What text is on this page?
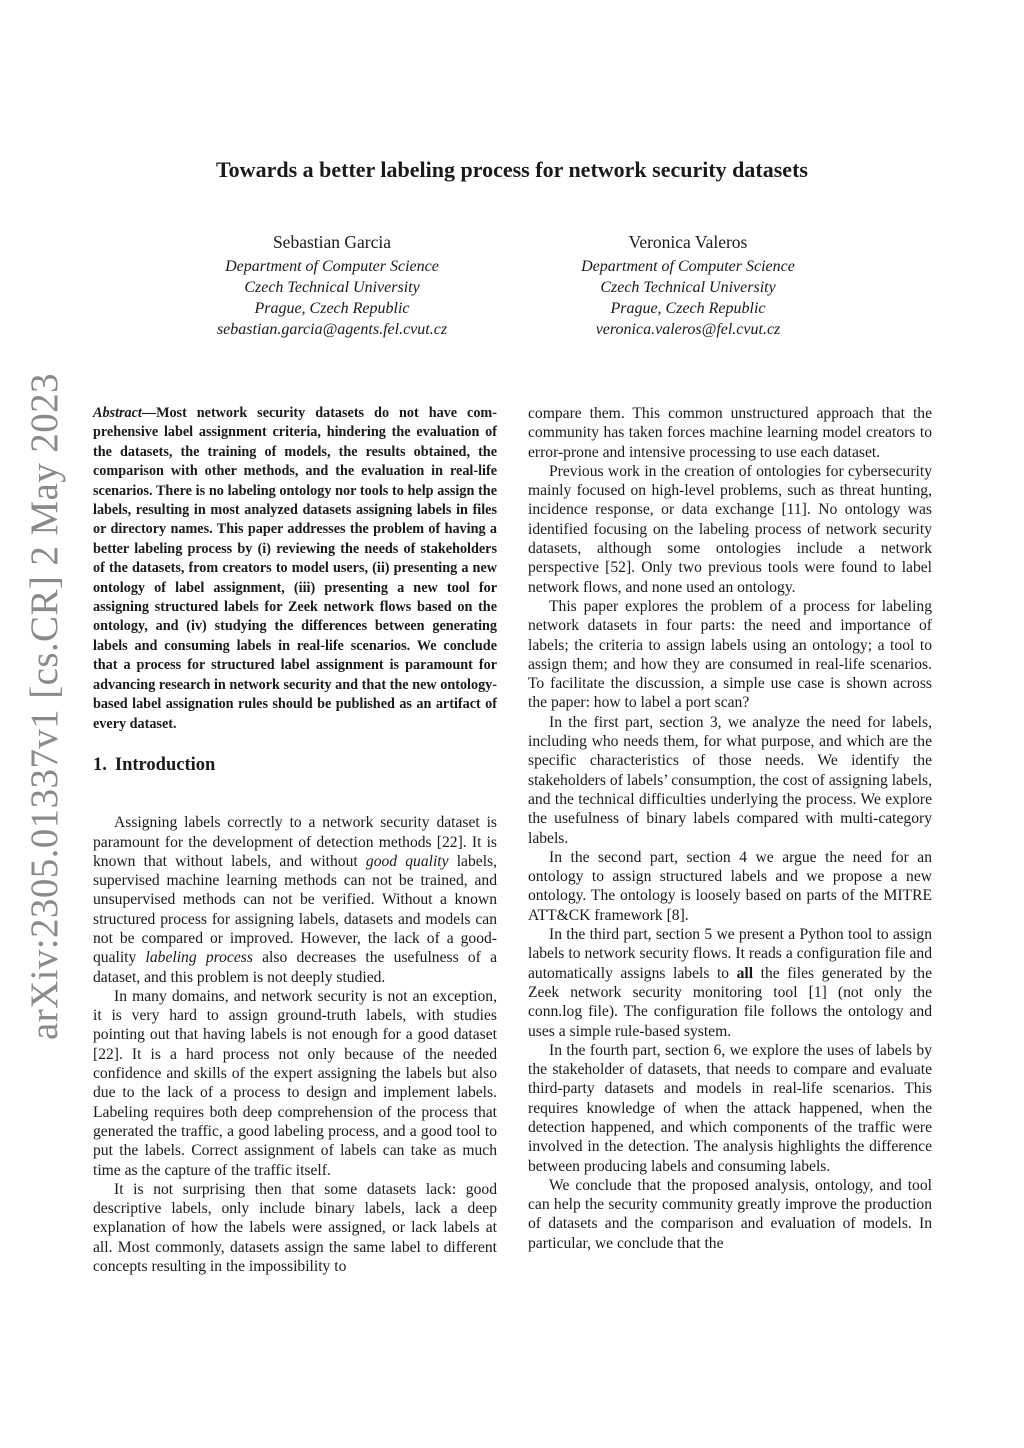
arXiv:2305.01337v1 [cs.CR] 2 May 2023
Towards a better labeling process for network security datasets
Sebastian Garcia
Department of Computer Science
Czech Technical University
Prague, Czech Republic
sebastian.garcia@agents.fel.cvut.cz
Veronica Valeros
Department of Computer Science
Czech Technical University
Prague, Czech Republic
veronica.valeros@fel.cvut.cz

Abstract—Most network security datasets do not have comprehensive label assignment criteria, hindering the evaluation of the datasets, the training of models, the results obtained, the comparison with other methods, and the evaluation in real-life scenarios. There is no labeling ontology nor tools to help assign the labels, resulting in most analyzed datasets assigning labels in files or directory names. This paper addresses the problem of having a better labeling process by (i) reviewing the needs of stakeholders of the datasets, from creators to model users, (ii) presenting a new ontology of label assignment, (iii) presenting a new tool for assigning structured labels for Zeek network flows based on the ontology, and (iv) studying the differences between generating labels and consuming labels in real-life scenarios. We conclude that a process for structured label assignment is paramount for advancing research in network security and that the new ontology-based label assignation rules should be published as an artifact of every dataset.

1. Introduction

Assigning labels correctly to a network security dataset is paramount for the development of detection methods [22]. It is known that without labels, and without good quality labels, supervised machine learning methods can not be trained, and unsupervised methods can not be verified. Without a known structured process for assigning labels, datasets and models can not be compared or improved. However, the lack of a good-quality labeling process also decreases the usefulness of a dataset, and this problem is not deeply studied.

In many domains, and network security is not an exception, it is very hard to assign ground-truth labels, with studies pointing out that having labels is not enough for a good dataset [22]. It is a hard process not only because of the needed confidence and skills of the expert assigning the labels but also due to the lack of a process to design and implement labels. Labeling requires both deep comprehension of the process that generated the traffic, a good labeling process, and a good tool to put the labels. Correct assignment of labels can take as much time as the capture of the traffic itself.

It is not surprising then that some datasets lack: good descriptive labels, only include binary labels, lack a deep explanation of how the labels were assigned, or lack labels at all. Most commonly, datasets assign the same label to different concepts resulting in the impossibility to

compare them. This common unstructured approach that the community has taken forces machine learning model creators to error-prone and intensive processing to use each dataset.

Previous work in the creation of ontologies for cybersecurity mainly focused on high-level problems, such as threat hunting, incidence response, or data exchange [11]. No ontology was identified focusing on the labeling process of network security datasets, although some ontologies include a network perspective [52]. Only two previous tools were found to label network flows, and none used an ontology.

This paper explores the problem of a process for labeling network datasets in four parts: the need and importance of labels; the criteria to assign labels using an ontology; a tool to assign them; and how they are consumed in real-life scenarios. To facilitate the discussion, a simple use case is shown across the paper: how to label a port scan?

In the first part, section 3, we analyze the need for labels, including who needs them, for what purpose, and which are the specific characteristics of those needs. We identify the stakeholders of labels’ consumption, the cost of assigning labels, and the technical difficulties underlying the process. We explore the usefulness of binary labels compared with multi-category labels.

In the second part, section 4 we argue the need for an ontology to assign structured labels and we propose a new ontology. The ontology is loosely based on parts of the MITRE ATT&CK framework [8].

In the third part, section 5 we present a Python tool to assign labels to network security flows. It reads a configuration file and automatically assigns labels to all the files generated by the Zeek network security monitoring tool [1] (not only the conn.log file). The configuration file follows the ontology and uses a simple rule-based system.

In the fourth part, section 6, we explore the uses of labels by the stakeholder of datasets, that needs to compare and evaluate third-party datasets and models in real-life scenarios. This requires knowledge of when the attack happened, when the detection happened, and which components of the traffic were involved in the detection. The analysis highlights the difference between producing labels and consuming labels.

We conclude that the proposed analysis, ontology, and tool can help the security community greatly improve the production of datasets and the comparison and evaluation of models. In particular, we conclude that the
